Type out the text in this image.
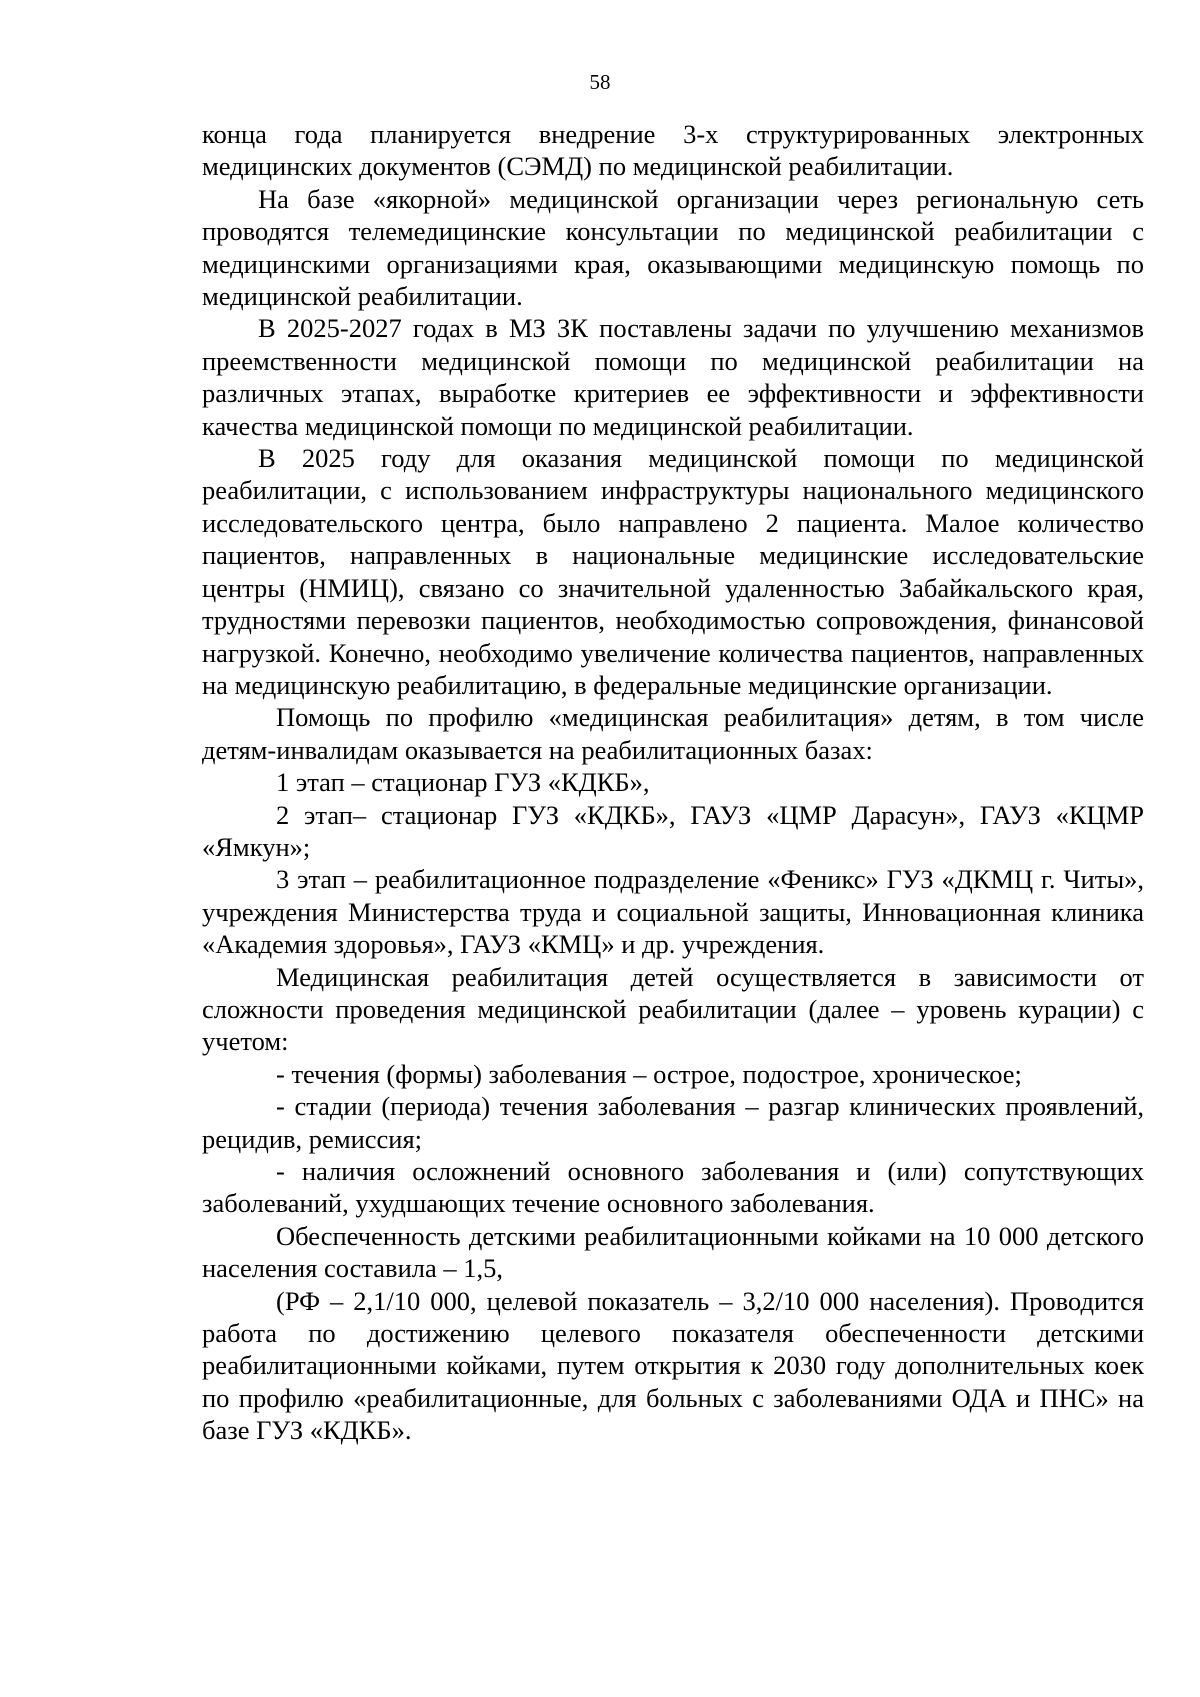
58

конца года планируется внедрение 3-х структурированных электронных медицинских документов (СЭМД) по медицинской реабилитации.

На базе «якорной» медицинской организации через региональную сеть проводятся телемедицинские консультации по медицинской реабилитации с медицинскими организациями края, оказывающими медицинскую помощь по медицинской реабилитации.

В 2025-2027 годах в МЗ ЗК поставлены задачи по улучшению механизмов преемственности медицинской помощи по медицинской реабилитации на различных этапах, выработке критериев ее эффективности и эффективности качества медицинской помощи по медицинской реабилитации.

В 2025 году для оказания медицинской помощи по медицинской реабилитации, с использованием инфраструктуры национального медицинского исследовательского центра, было направлено 2 пациента. Малое количество пациентов, направленных в национальные медицинские исследовательские центры (НМИЦ), связано со значительной удаленностью Забайкальского края, трудностями перевозки пациентов, необходимостью сопровождения, финансовой нагрузкой. Конечно, необходимо увеличение количества пациентов, направленных на медицинскую реабилитацию, в федеральные медицинские организации.

Помощь по профилю «медицинская реабилитация» детям, в том числе детям-инвалидам оказывается на реабилитационных базах:

1 этап – стационар ГУЗ «КДКБ»,

2 этап– стационар ГУЗ «КДКБ», ГАУЗ «ЦМР Дарасун», ГАУЗ «КЦМР «Ямкун»;

3 этап – реабилитационное подразделение «Феникс» ГУЗ «ДКМЦ г. Читы», учреждения Министерства труда и социальной защиты, Инновационная клиника «Академия здоровья», ГАУЗ «КМЦ» и др. учреждения.

Медицинская реабилитация детей осуществляется в зависимости от сложности проведения медицинской реабилитации (далее – уровень курации) с учетом:

- течения (формы) заболевания – острое, подострое, хроническое;

- стадии (периода) течения заболевания – разгар клинических проявлений, рецидив, ремиссия;

- наличия осложнений основного заболевания и (или) сопутствующих заболеваний, ухудшающих течение основного заболевания.

Обеспеченность детскими реабилитационными койками на 10 000 детского населения составила – 1,5,

(РФ – 2,1/10 000, целевой показатель – 3,2/10 000 населения). Проводится работа по достижению целевого показателя обеспеченности детскими реабилитационными койками, путем открытия к 2030 году дополнительных коек по профилю «реабилитационные, для больных с заболеваниями ОДА и ПНС» на базе ГУЗ «КДКБ».
